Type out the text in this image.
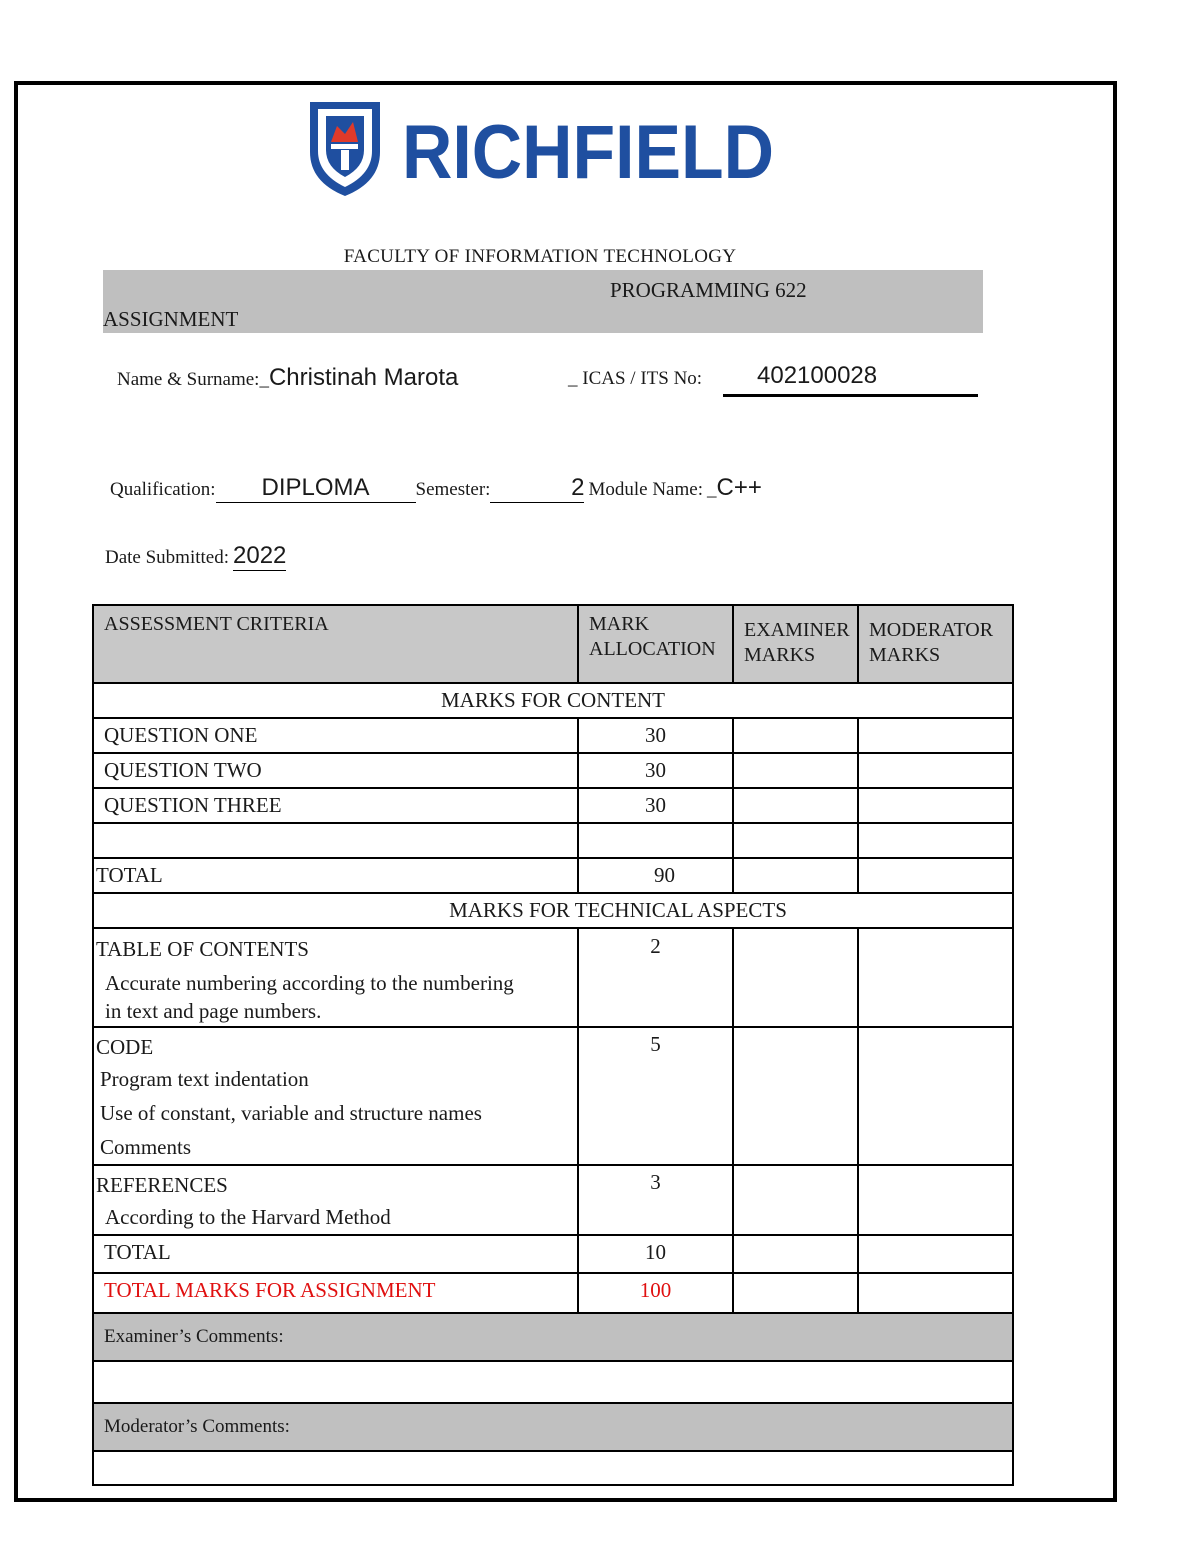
RICHFIELD
FACULTY OF INFORMATION TECHNOLOGY
PROGRAMMING 622
ASSIGNMENT
Name & Surname:_Christinah Marota	_ ICAS / ITS No: 402100028
Qualification: DIPLOMA Semester:	2 Module Name: _C++
Date Submitted: 2022
ASSESSMENT CRITERIA	MARK ALLOCATION	EXAMINER MARKS	MODERATOR MARKS
MARKS FOR CONTENT			
QUESTION ONE	30		
QUESTION TWO	30		
QUESTION THREE	30		

TOTAL	90		
MARKS FOR TECHNICAL ASPECTS			

TABLE OF CONTENTS
Accurate numbering according to the numbering
in text and page numbers.	2		

CODE
Program text indentation
Use of constant, variable and structure names
Comments	5		

REFERENCES
According to the Harvard Method	3		
TOTAL	10		
TOTAL MARKS FOR ASSIGNMENT	100		
Examiner’s Comments:			

Moderator’s Comments:			
